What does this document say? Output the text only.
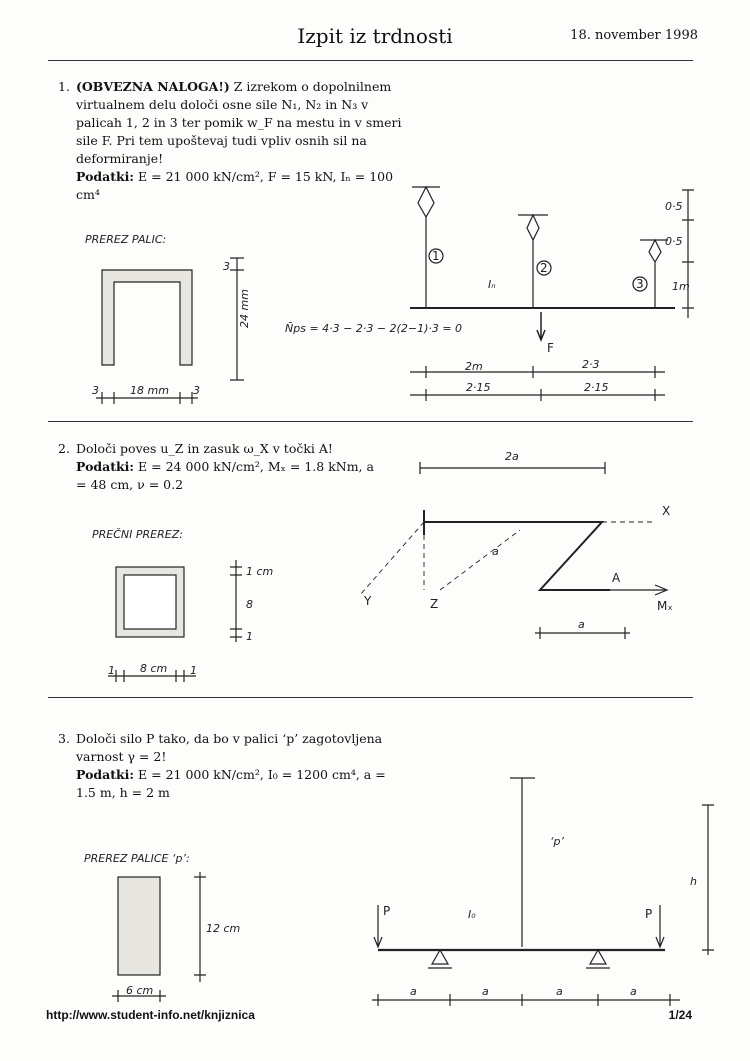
Izpit iz trdnosti	18. november 1998
1. (OBVEZNA NALOGA!) Z izrekom o dopolnilnem virtualnem delu določi osne sile N₁, N₂ in N₃ v palicah 1, 2 in 3 ter pomik w_F na mestu in v smeri sile F. Pri tem upoštevaj tudi vpliv osnih sil na deformiranje!
Podatki: E = 21 000 kN/cm², F = 15 kN, Iₙ = 100 cm⁴
2. Določi poves u_Z in zasuk ω_X v točki A!
Podatki: E = 24 000 kN/cm², Mₓ = 1.8 kNm, a = 48 cm, ν = 0.2
3. Določi silo P tako, da bo v palici ‘p’ zagotovljena varnost γ = 2!
Podatki: E = 21 000 kN/cm², I₀ = 1200 cm⁴, a = 1.5 m, h = 2 m
PREREZ PALIC:
3
24 mm
3	18 mm 3
1
2
3
Iₙ
F
N̄ps = 4·3 − 2·3 − 2(2−1)·3 = 0
2m	2·3
2·15	2·15
0·5
0·5
1m
PREČNI PREREZ:
1 cm
8
1
1 8 cm 1
2a
X
Y	Z
a
A
Mₓ
a
PREREZ PALICE ‘p’:
12 cm
6 cm
P	P
I₀
‘p’
h
a	a	a	a
http://www.student-info.net/knjiznica	1/24
